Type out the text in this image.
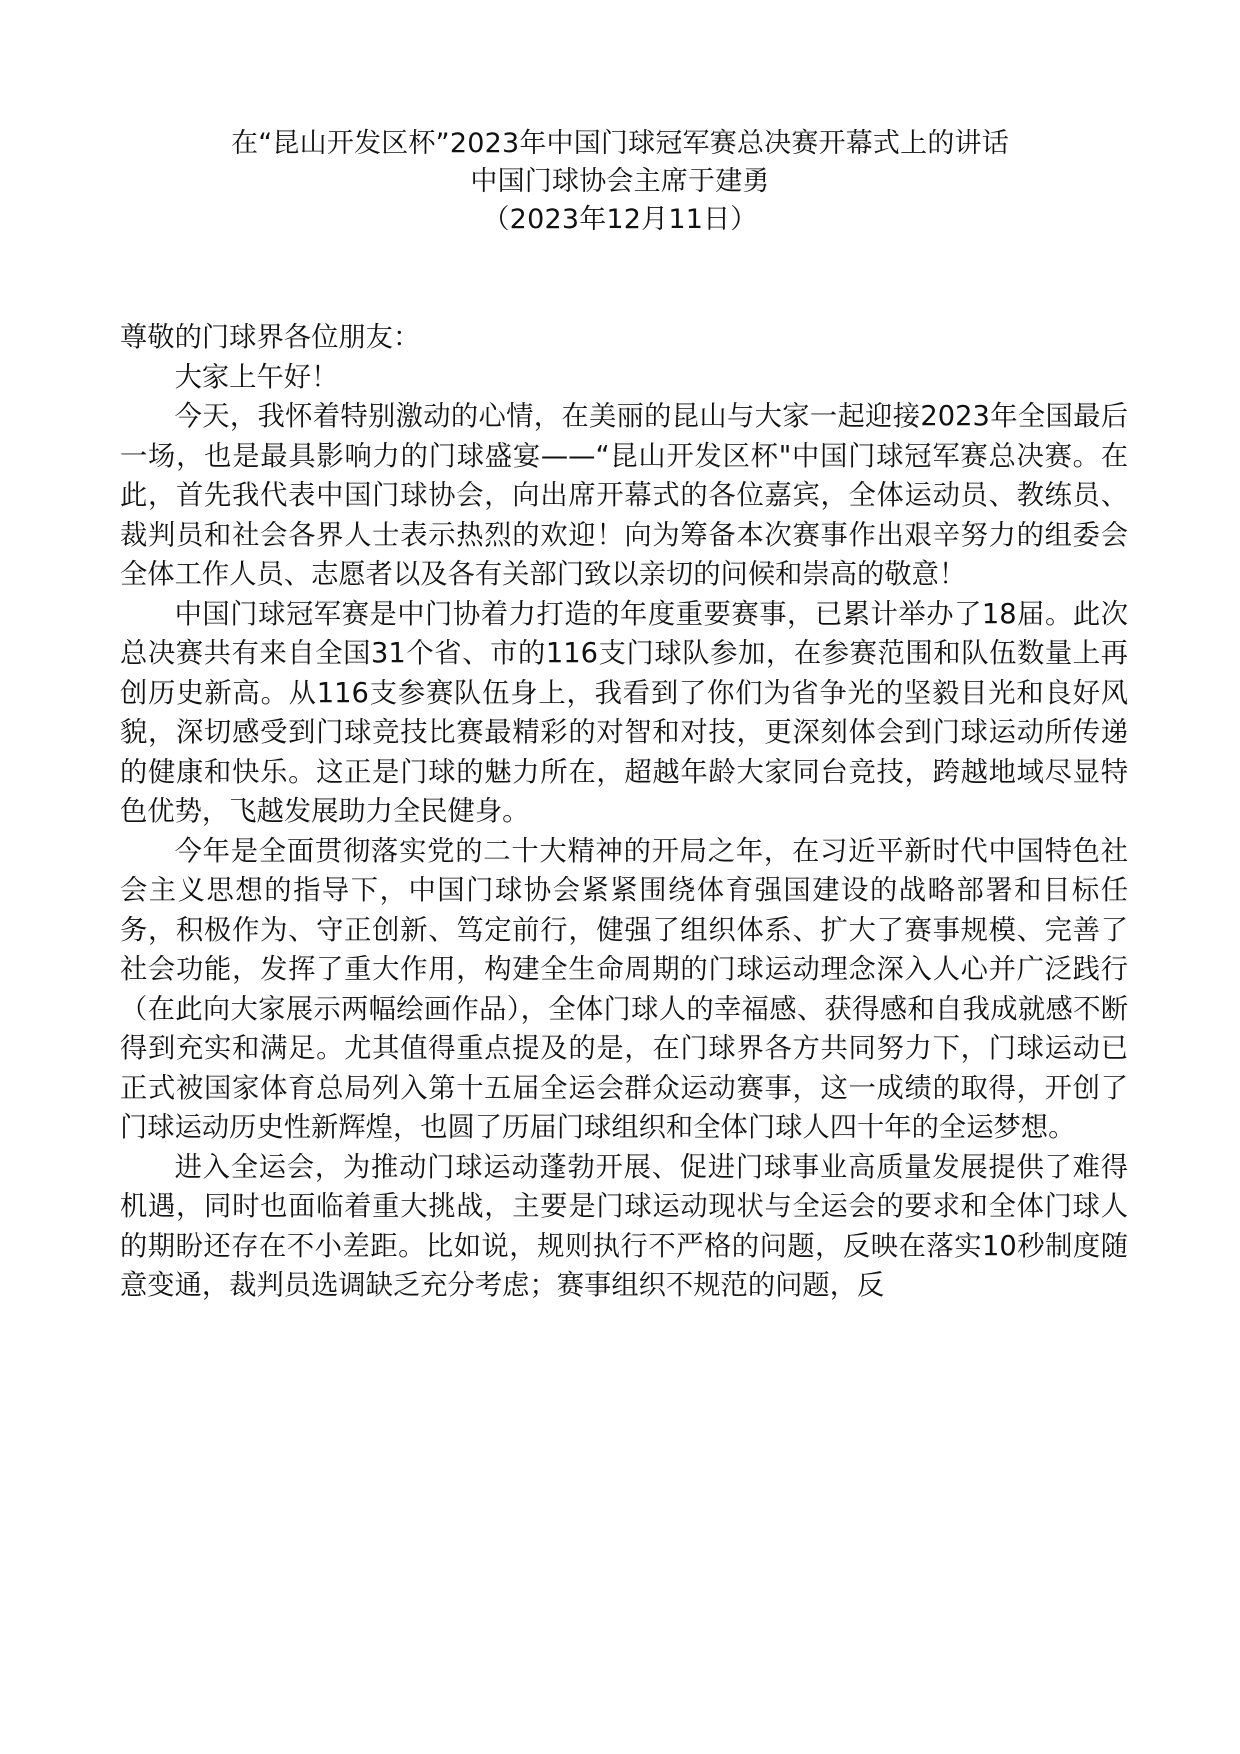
在“昆山开发区杯”2023年中国门球冠军赛总决赛开幕式上的讲话
中国门球协会主席于建勇
（2023年12月11日）

尊敬的门球界各位朋友：

大家上午好！

今天，我怀着特别激动的心情，在美丽的昆山与大家一起迎接2023年全国最后一场，也是最具影响力的门球盛宴——“昆山开发区杯"中国门球冠军赛总决赛。在此，首先我代表中国门球协会，向出席开幕式的各位嘉宾，全体运动员、教练员、裁判员和社会各界人士表示热烈的欢迎！向为筹备本次赛事作出艰辛努力的组委会全体工作人员、志愿者以及各有关部门致以亲切的问候和崇高的敬意！

中国门球冠军赛是中门协着力打造的年度重要赛事，已累计举办了18届。此次总决赛共有来自全国31个省、市的116支门球队参加，在参赛范围和队伍数量上再创历史新高。从116支参赛队伍身上，我看到了你们为省争光的坚毅目光和良好风貌，深切感受到门球竞技比赛最精彩的对智和对技，更深刻体会到门球运动所传递的健康和快乐。这正是门球的魅力所在，超越年龄大家同台竞技，跨越地域尽显特色优势，飞越发展助力全民健身。

今年是全面贯彻落实党的二十大精神的开局之年，在习近平新时代中国特色社会主义思想的指导下，中国门球协会紧紧围绕体育强国建设的战略部署和目标任务，积极作为、守正创新、笃定前行，健强了组织体系、扩大了赛事规模、完善了社会功能，发挥了重大作用，构建全生命周期的门球运动理念深入人心并广泛践行（在此向大家展示两幅绘画作品），全体门球人的幸福感、获得感和自我成就感不断得到充实和满足。尤其值得重点提及的是，在门球界各方共同努力下，门球运动已正式被国家体育总局列入第十五届全运会群众运动赛事，这一成绩的取得，开创了门球运动历史性新辉煌，也圆了历届门球组织和全体门球人四十年的全运梦想。

进入全运会，为推动门球运动蓬勃开展、促进门球事业高质量发展提供了难得机遇，同时也面临着重大挑战，主要是门球运动现状与全运会的要求和全体门球人的期盼还存在不小差距。比如说，规则执行不严格的问题，反映在落实10秒制度随意变通，裁判员选调缺乏充分考虑；赛事组织不规范的问题，反
